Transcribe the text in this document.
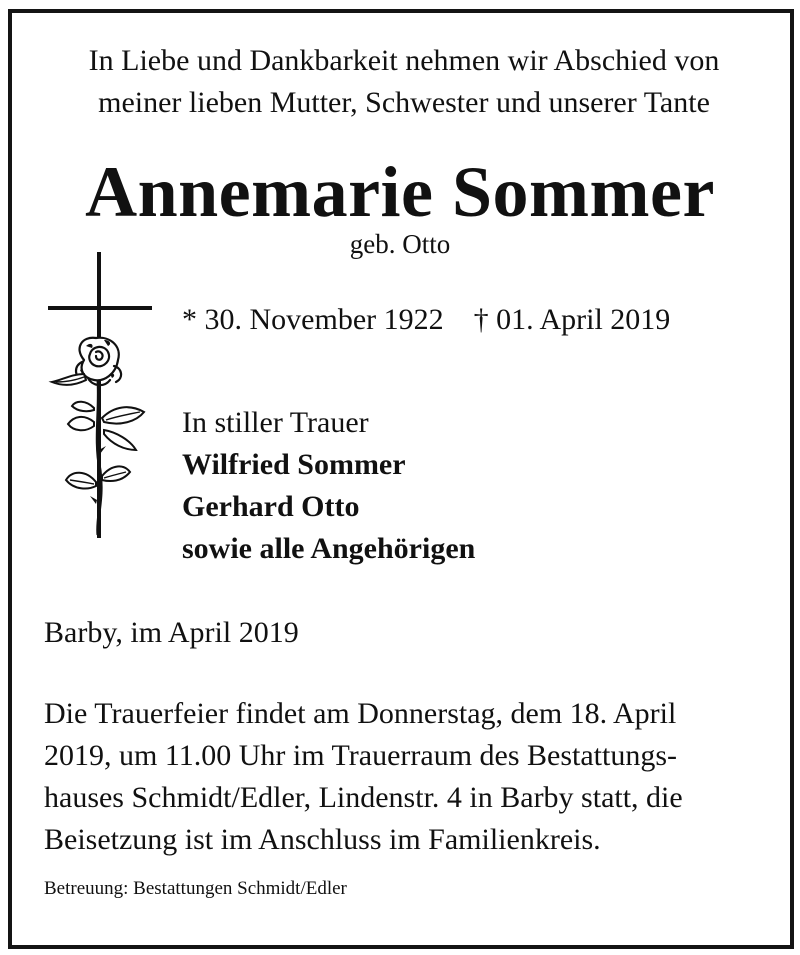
In Liebe und Dankbarkeit nehmen wir Abschied von
meiner lieben Mutter, Schwester und unserer Tante

Annemarie Sommer

geb. Otto

* 30. November 1922 † 01. April 2019
In stiller Trauer
Wilfried Sommer
Gerhard Otto
sowie alle Angehörigen
Barby, im April 2019
Die Trauerfeier findet am Donnerstag, dem 18. April
2019, um 11.00 Uhr im Trauerraum des Bestattungs-
hauses Schmidt/Edler, Lindenstr. 4 in Barby statt, die
Beisetzung ist im Anschluss im Familienkreis.
Betreuung: Bestattungen Schmidt/Edler
